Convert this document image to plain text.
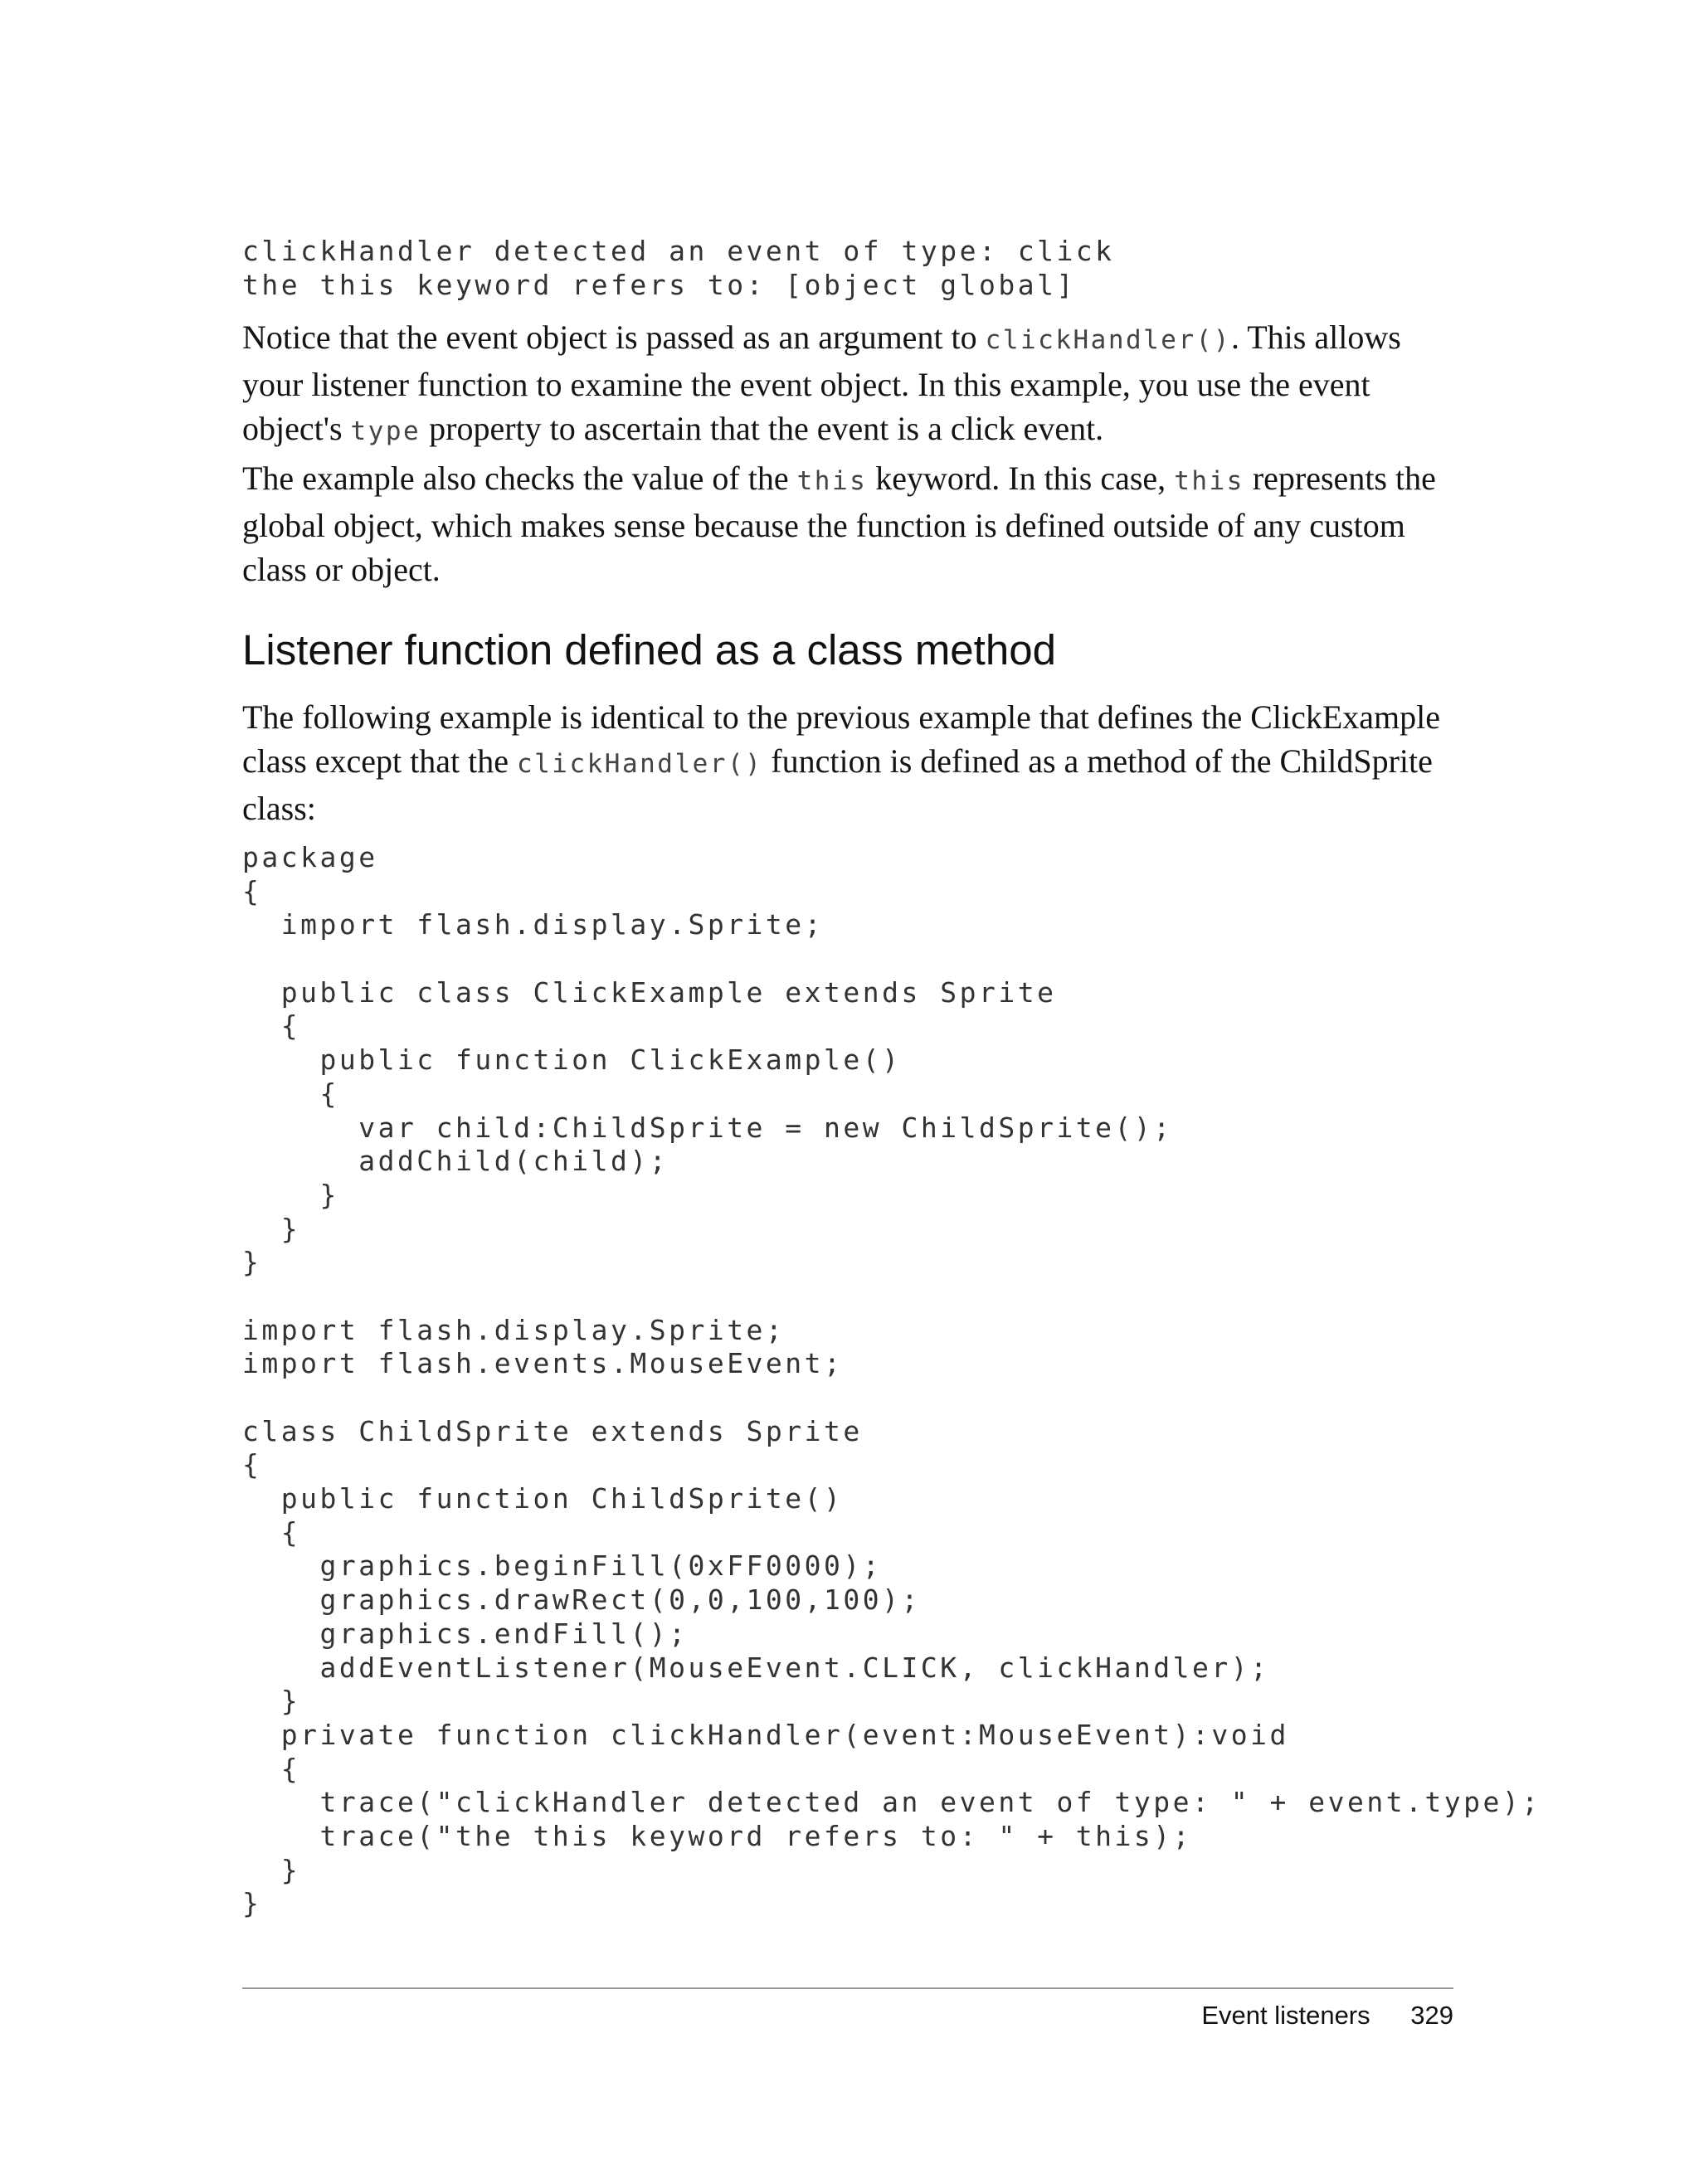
clickHandler detected an event of type: click
the this keyword refers to: [object global]

Notice that the event object is passed as an argument to clickHandler(). This allows your listener function to examine the event object. In this example, you use the event object's type property to ascertain that the event is a click event.

The example also checks the value of the this keyword. In this case, this represents the global object, which makes sense because the function is defined outside of any custom class or object.

Listener function defined as a class method

The following example is identical to the previous example that defines the ClickExample class except that the clickHandler() function is defined as a method of the ChildSprite class:

package
{
import flash.display.Sprite;
public class ClickExample extends Sprite
{
public function ClickExample()
{
var child:ChildSprite = new ChildSprite();
addChild(child);
}
}
}
import flash.display.Sprite;
import flash.events.MouseEvent;
class ChildSprite extends Sprite
{
public function ChildSprite()
{
graphics.beginFill(0xFF0000);
graphics.drawRect(0,0,100,100);
graphics.endFill();
addEventListener(MouseEvent.CLICK, clickHandler);
}
private function clickHandler(event:MouseEvent):void
{
trace("clickHandler detected an event of type: " + event.type);
trace("the this keyword refers to: " + this);
}
}
Event listeners 329
